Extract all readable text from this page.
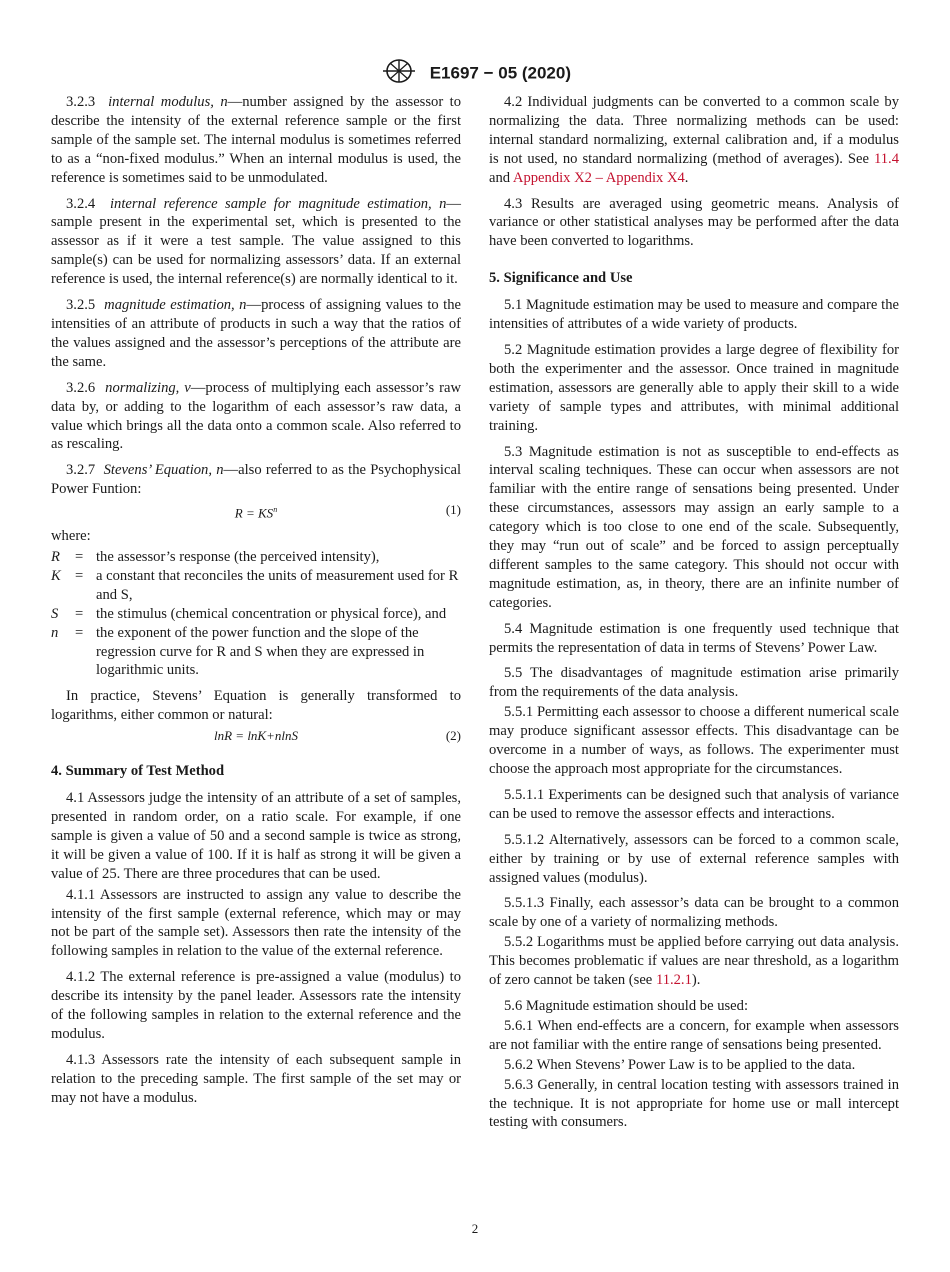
E1697 − 05 (2020)

3.2.3 internal modulus, n—number assigned by the assessor to describe the intensity of the external reference sample or the first sample of the sample set. The internal modulus is sometimes referred to as a “non-fixed modulus.” When an internal modulus is used, the reference is sometimes said to be unmodulated.

3.2.4 internal reference sample for magnitude estimation, n—sample present in the experimental set, which is presented to the assessor as if it were a test sample. The value assigned to this sample(s) can be used for normalizing assessors’ data. If an external reference is used, the internal reference(s) are normally identical to it.

3.2.5 magnitude estimation, n—process of assigning values to the intensities of an attribute of products in such a way that the ratios of the values assigned and the assessor’s perceptions of the attribute are the same.

3.2.6 normalizing, v—process of multiplying each assessor’s raw data by, or adding to the logarithm of each assessor’s raw data, a value which brings all the data onto a common scale. Also referred to as rescaling.

3.2.7 Stevens’ Equation, n—also referred to as the Psychophysical Power Funtion:

$R = KS^n$	(1)

where:

R	= the assessor’s response (the perceived intensity),
K = a constant that reconciles the units of measurement used for R and S,
S	= the stimulus (chemical concentration or physical force), and
n	= the exponent of the power function and the slope of the regression curve for R and S when they are expressed in logarithmic units.

In practice, Stevens’ Equation is generally transformed to logarithms, either common or natural:

lnR = lnK+nlnS	(2)
4. Summary of Test Method

4.1 Assessors judge the intensity of an attribute of a set of samples, presented in random order, on a ratio scale. For example, if one sample is given a value of 50 and a second sample is twice as strong, it will be given a value of 100. If it is half as strong it will be given a value of 25. There are three procedures that can be used.

4.1.1 Assessors are instructed to assign any value to describe the intensity of the first sample (external reference, which may or may not be part of the sample set). Assessors then rate the intensity of the following samples in relation to the value of the external reference.

4.1.2 The external reference is pre-assigned a value (modulus) to describe its intensity by the panel leader. Assessors rate the intensity of the following samples in relation to the external reference and the modulus.

4.1.3 Assessors rate the intensity of each subsequent sample in relation to the preceding sample. The first sample of the set may or may not have a modulus.

4.2 Individual judgments can be converted to a common scale by normalizing the data. Three normalizing methods can be used: internal standard normalizing, external calibration and, if a modulus is not used, no standard normalizing (method of averages). See 11.4 and Appendix X2 – Appendix X4.

4.3 Results are averaged using geometric means. Analysis of variance or other statistical analyses may be performed after the data have been converted to logarithms.

5. Significance and Use

5.1 Magnitude estimation may be used to measure and compare the intensities of attributes of a wide variety of products.

5.2 Magnitude estimation provides a large degree of flexibility for both the experimenter and the assessor. Once trained in magnitude estimation, assessors are generally able to apply their skill to a wide variety of sample types and attributes, with minimal additional training.

5.3 Magnitude estimation is not as susceptible to end-effects as interval scaling techniques. These can occur when assessors are not familiar with the entire range of sensations being presented. Under these circumstances, assessors may assign an early sample to a category which is too close to one end of the scale. Subsequently, they may “run out of scale” and be forced to assign perceptually different samples to the same category. This should not occur with magnitude estimation, as, in theory, there are an infinite number of categories.

5.4 Magnitude estimation is one frequently used technique that permits the representation of data in terms of Stevens’ Power Law.

5.5 The disadvantages of magnitude estimation arise primarily from the requirements of the data analysis.

5.5.1 Permitting each assessor to choose a different numerical scale may produce significant assessor effects. This disadvantage can be overcome in a number of ways, as follows. The experimenter must choose the approach most appropriate for the circumstances.

5.5.1.1 Experiments can be designed such that analysis of variance can be used to remove the assessor effects and interactions.

5.5.1.2 Alternatively, assessors can be forced to a common scale, either by training or by use of external reference samples with assigned values (modulus).

5.5.1.3 Finally, each assessor’s data can be brought to a common scale by one of a variety of normalizing methods.

5.5.2 Logarithms must be applied before carrying out data analysis. This becomes problematic if values are near threshold, as a logarithm of zero cannot be taken (see 11.2.1).

5.6 Magnitude estimation should be used:

5.6.1 When end-effects are a concern, for example when assessors are not familiar with the entire range of sensations being presented.

5.6.2 When Stevens’ Power Law is to be applied to the data.

5.6.3 Generally, in central location testing with assessors trained in the technique. It is not appropriate for home use or mall intercept testing with consumers.

2
